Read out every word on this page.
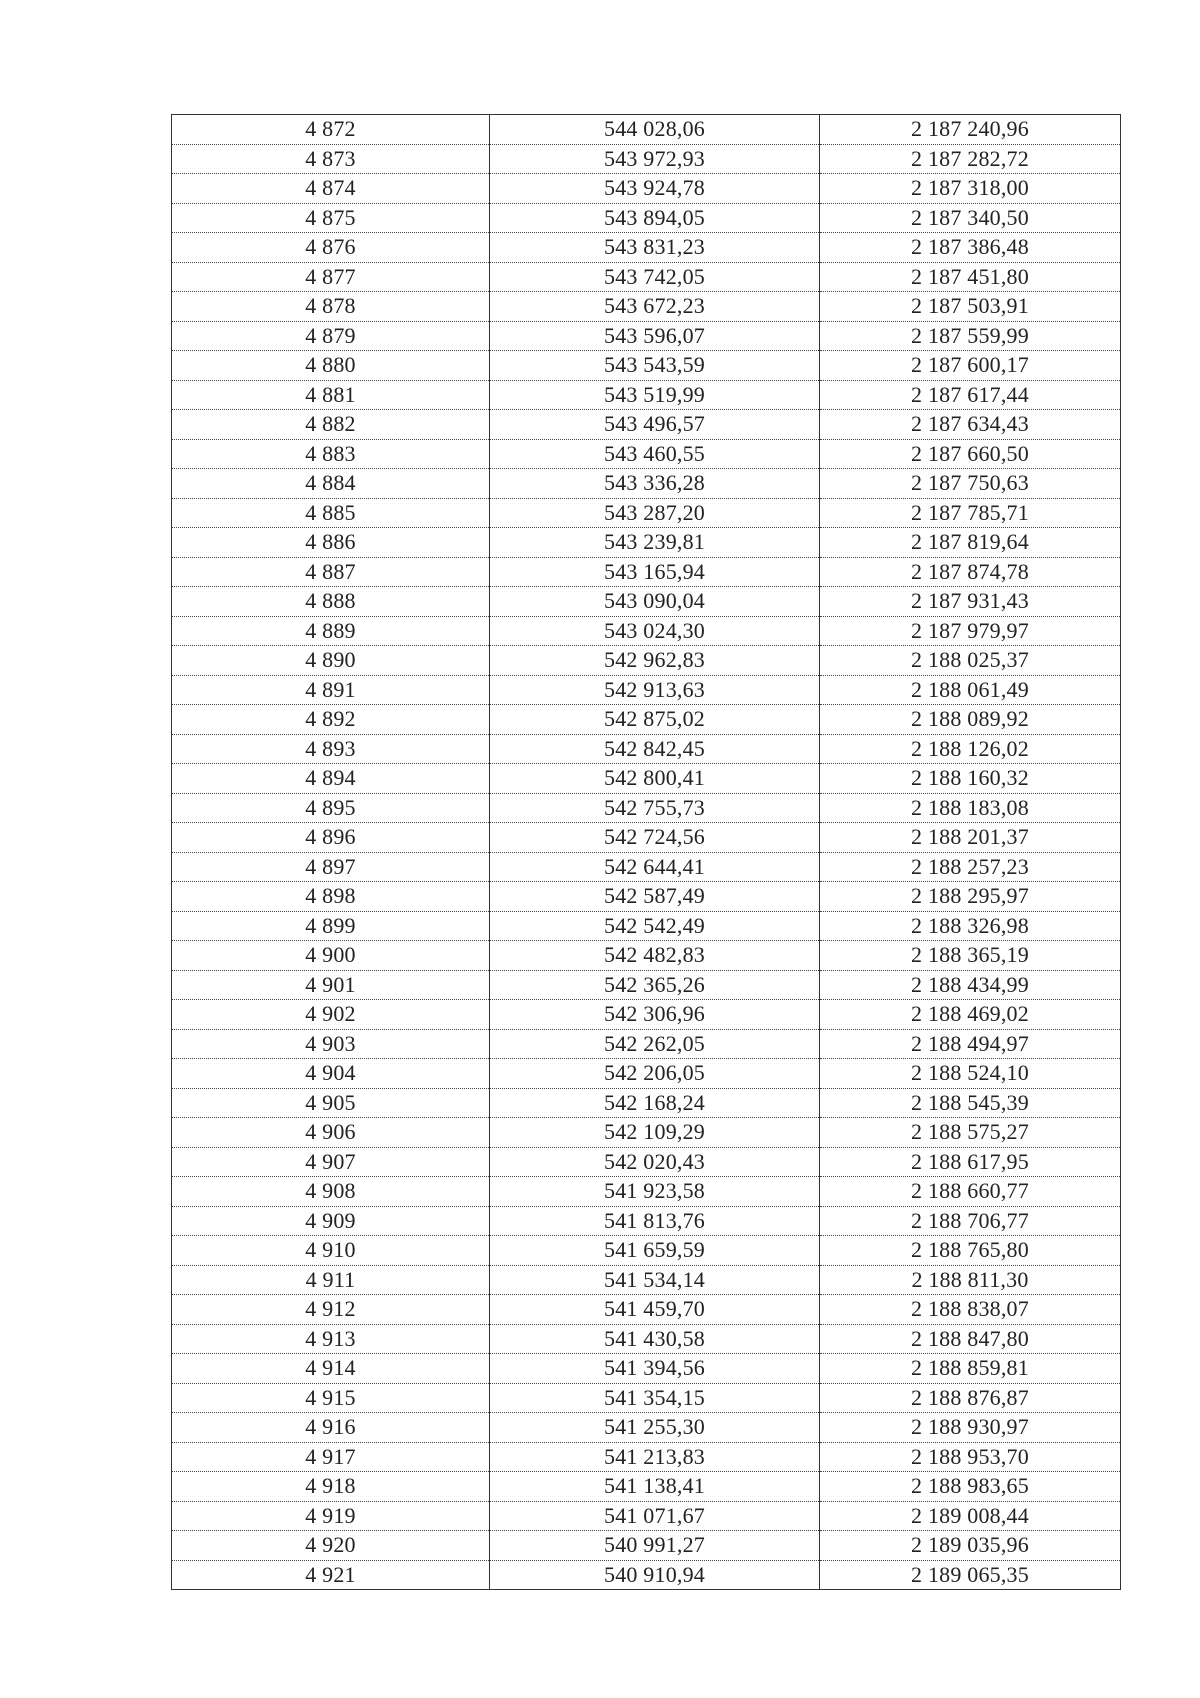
4 872	544 028,06	2 187 240,96
4 873	543 972,93	2 187 282,72
4 874	543 924,78	2 187 318,00
4 875	543 894,05	2 187 340,50
4 876	543 831,23	2 187 386,48
4 877	543 742,05	2 187 451,80
4 878	543 672,23	2 187 503,91
4 879	543 596,07	2 187 559,99
4 880	543 543,59	2 187 600,17
4 881	543 519,99	2 187 617,44
4 882	543 496,57	2 187 634,43
4 883	543 460,55	2 187 660,50
4 884	543 336,28	2 187 750,63
4 885	543 287,20	2 187 785,71
4 886	543 239,81	2 187 819,64
4 887	543 165,94	2 187 874,78
4 888	543 090,04	2 187 931,43
4 889	543 024,30	2 187 979,97
4 890	542 962,83	2 188 025,37
4 891	542 913,63	2 188 061,49
4 892	542 875,02	2 188 089,92
4 893	542 842,45	2 188 126,02
4 894	542 800,41	2 188 160,32
4 895	542 755,73	2 188 183,08
4 896	542 724,56	2 188 201,37
4 897	542 644,41	2 188 257,23
4 898	542 587,49	2 188 295,97
4 899	542 542,49	2 188 326,98
4 900	542 482,83	2 188 365,19
4 901	542 365,26	2 188 434,99
4 902	542 306,96	2 188 469,02
4 903	542 262,05	2 188 494,97
4 904	542 206,05	2 188 524,10
4 905	542 168,24	2 188 545,39
4 906	542 109,29	2 188 575,27
4 907	542 020,43	2 188 617,95
4 908	541 923,58	2 188 660,77
4 909	541 813,76	2 188 706,77
4 910	541 659,59	2 188 765,80
4 911	541 534,14	2 188 811,30
4 912	541 459,70	2 188 838,07
4 913	541 430,58	2 188 847,80
4 914	541 394,56	2 188 859,81
4 915	541 354,15	2 188 876,87
4 916	541 255,30	2 188 930,97
4 917	541 213,83	2 188 953,70
4 918	541 138,41	2 188 983,65
4 919	541 071,67	2 189 008,44
4 920	540 991,27	2 189 035,96
4 921	540 910,94	2 189 065,35
